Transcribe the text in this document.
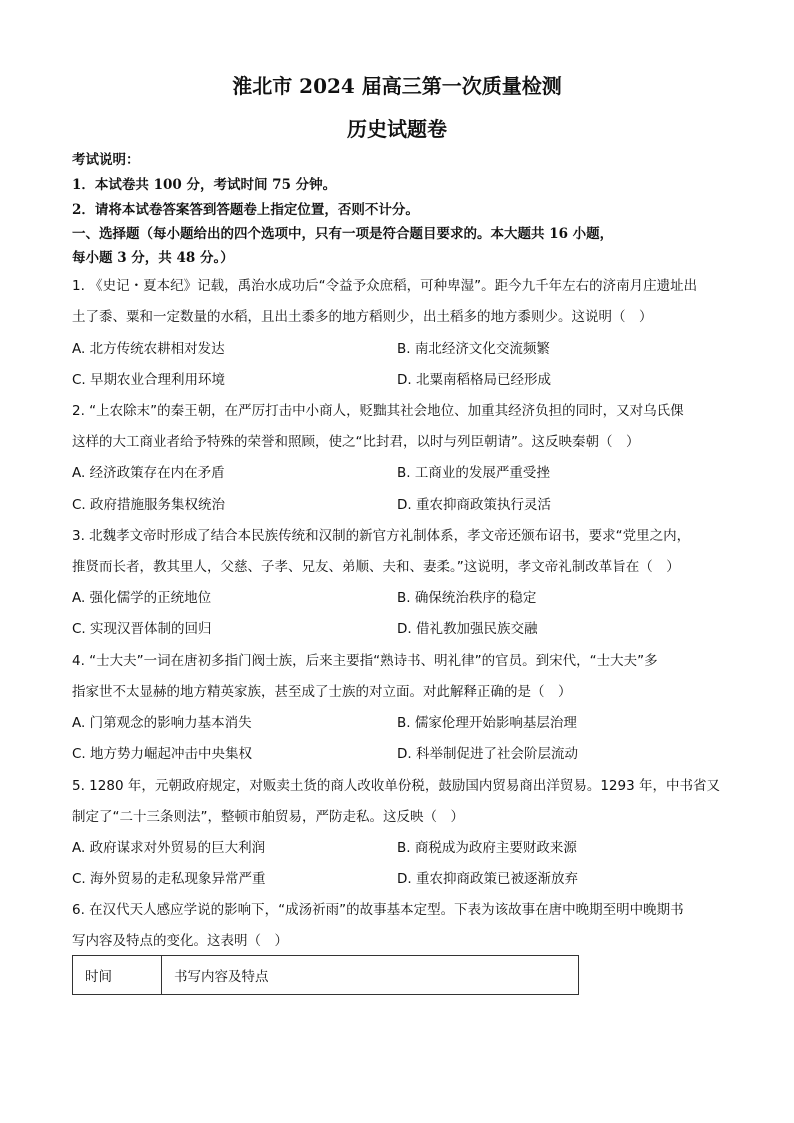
淮北市 2024 届高三第一次质量检测
历史试题卷
考试说明：
1．本试卷共 100 分，考试时间 75 分钟。
2．请将本试卷答案答到答题卷上指定位置，否则不计分。
一、选择题（每小题给出的四个选项中，只有一项是符合题目要求的。本大题共 16 小题，
每小题 3 分，共 48 分。）
1. 《史记・夏本纪》记载，禹治水成功后“令益予众庶稻，可种卑湿”。距今九千年左右的济南月庄遗址出
土了黍、粟和一定数量的水稻，且出土黍多的地方稻则少，出土稻多的地方黍则少。这说明（　）
A. 北方传统农耕相对发达	B. 南北经济文化交流频繁
C. 早期农业合理利用环境	D. 北粟南稻格局已经形成
2. “上农除末”的秦王朝，在严厉打击中小商人，贬黜其社会地位、加重其经济负担的同时，又对乌氏倮
这样的大工商业者给予特殊的荣誉和照顾，使之“比封君，以时与列臣朝请”。这反映秦朝（　）
A. 经济政策存在内在矛盾	B. 工商业的发展严重受挫
C. 政府措施服务集权统治	D. 重农抑商政策执行灵活
3. 北魏孝文帝时形成了结合本民族传统和汉制的新官方礼制体系，孝文帝还颁布诏书，要求“党里之内，
推贤而长者，教其里人，父慈、子孝、兄友、弟顺、夫和、妻柔。”这说明，孝文帝礼制改革旨在（　）
A. 强化儒学的正统地位	B. 确保统治秩序的稳定
C. 实现汉晋体制的回归	D. 借礼教加强民族交融
4. “士大夫”一词在唐初多指门阀士族，后来主要指“熟诗书、明礼律”的官员。到宋代，“士大夫”多
指家世不太显赫的地方精英家族，甚至成了士族的对立面。对此解释正确的是（　）
A. 门第观念的影响力基本消失	B. 儒家伦理开始影响基层治理
C. 地方势力崛起冲击中央集权	D. 科举制促进了社会阶层流动
5. 1280 年，元朝政府规定，对贩卖土货的商人改收单份税，鼓励国内贸易商出洋贸易。1293 年，中书省又
制定了“二十三条则法”，整顿市舶贸易，严防走私。这反映（　）
A. 政府谋求对外贸易的巨大利润	B. 商税成为政府主要财政来源
C. 海外贸易的走私现象异常严重	D. 重农抑商政策已被逐渐放弃
6. 在汉代天人感应学说的影响下，“成汤祈雨”的故事基本定型。下表为该故事在唐中晚期至明中晚期书
写内容及特点的变化。这表明（　）
时间	书写内容及特点
